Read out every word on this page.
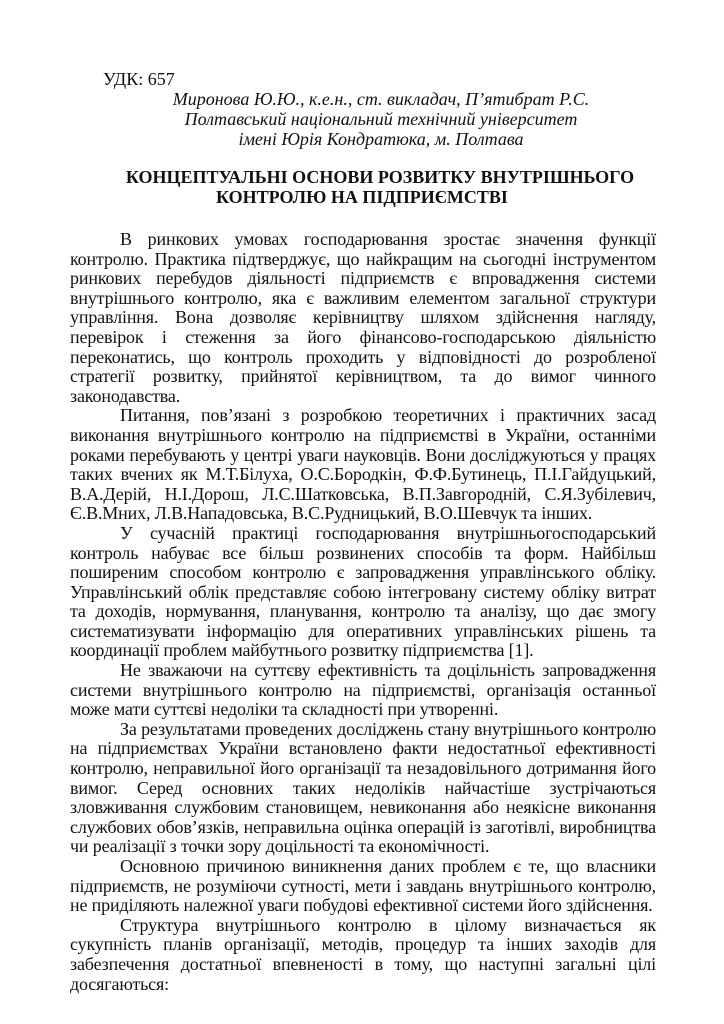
УДК: 657
Миронова Ю.Ю., к.е.н., ст. викладач, П’ятибрат Р.С.
Полтавський національний технічний університет
імені Юрія Кондратюка, м. Полтава
КОНЦЕПТУАЛЬНІ ОСНОВИ РОЗВИТКУ ВНУТРІШНЬОГО
КОНТРОЛЮ НА ПІДПРИЄМСТВІ

В ринкових умовах господарювання зростає значення функції контролю. Практика підтверджує, що найкращим на сьогодні інструментом ринкових перебудов діяльності підприємств є впровадження системи внутрішнього контролю, яка є важливим елементом загальної структури управління. Вона дозволяє керівництву шляхом здійснення нагляду, перевірок і стеження за його фінансово-господарською діяльністю переконатись, що контроль проходить у відповідності до розробленої стратегії розвитку, прийнятої керівництвом, та до вимог чинного законодавства.

Питання, пов’язані з розробкою теоретичних і практичних засад виконання внутрішнього контролю на підприємстві в України, останніми роками перебувають у центрі уваги науковців. Вони досліджуються у працях таких вчених як М.Т.Білуха, О.С.Бородкін, Ф.Ф.Бутинець, П.І.Гайдуцький, В.А.Дерій, Н.І.Дорош, Л.С.Шатковська, В.П.Завгородній, С.Я.Зубілевич, Є.В.Мних, Л.В.Нападовська, В.С.Рудницький, В.О.Шевчук та інших.

У сучасній практиці господарювання внутрішньогосподарський контроль набуває все більш розвинених способів та форм. Найбільш поширеним способом контролю є запровадження управлінського обліку. Управлінський облік представляє собою інтегровану систему обліку витрат та доходів, нормування, планування, контролю та аналізу, що дає змогу систематизувати інформацію для оперативних управлінських рішень та координації проблем майбутнього розвитку підприємства [1].

Не зважаючи на суттєву ефективність та доцільність запровадження системи внутрішнього контролю на підприємстві, організація останньої може мати суттєві недоліки та складності при утворенні.

За результатами проведених досліджень стану внутрішнього контролю на підприємствах України встановлено факти недостатньої ефективності контролю, неправильної його організації та незадовільного дотримання його вимог. Серед основних таких недоліків найчастіше зустрічаються зловживання службовим становищем, невиконання або неякісне виконання службових обов’язків, неправильна оцінка операцій із заготівлі, виробництва чи реалізації з точки зору доцільності та економічності.

Основною причиною виникнення даних проблем є те, що власники підприємств, не розуміючи сутності, мети і завдань внутрішнього контролю, не приділяють належної уваги побудові ефективної системи його здійснення.

Структура внутрішнього контролю в цілому визначається як сукупність планів організації, методів, процедур та інших заходів для забезпечення достатньої впевненості в тому, що наступні загальні цілі досягаються:
